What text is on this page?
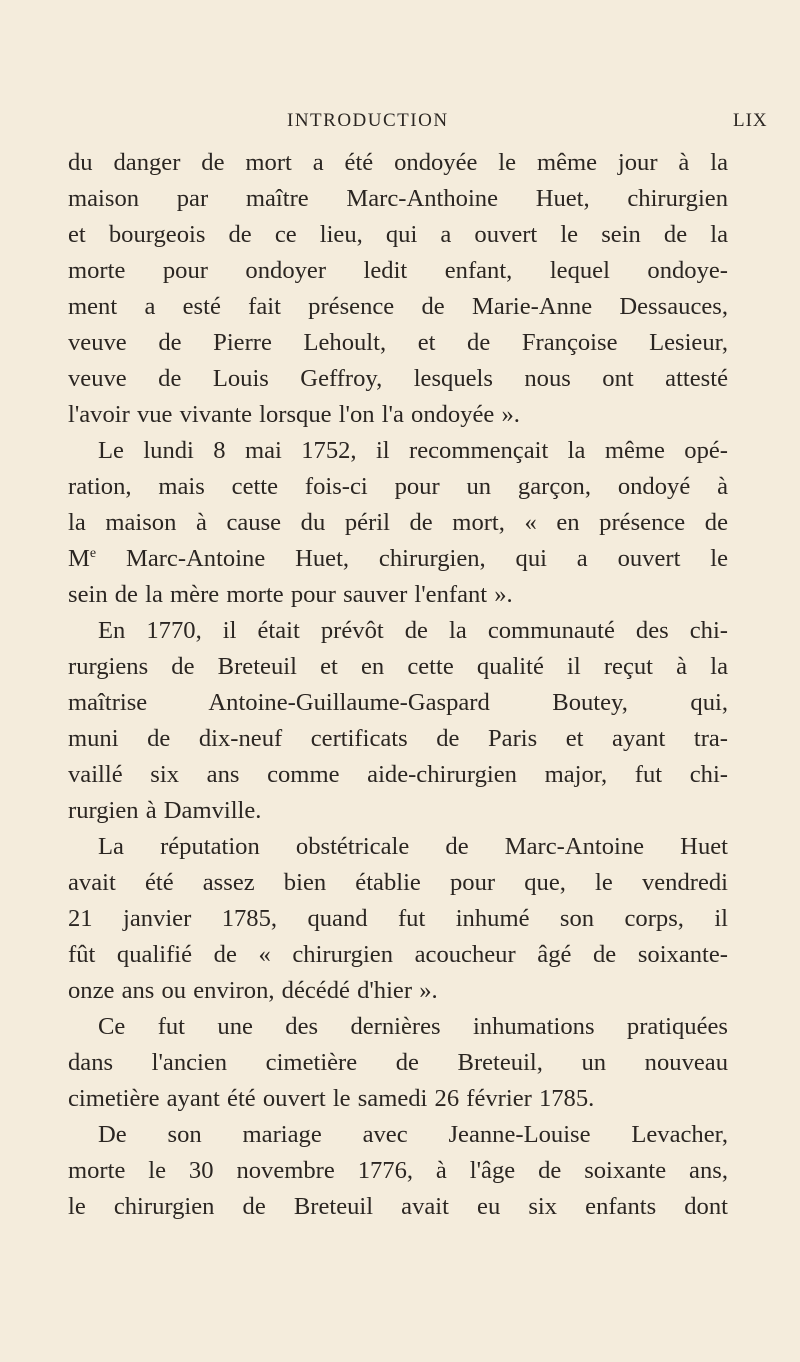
INTRODUCTION	LIX
du danger de mort a été ondoyée le même jour à la
maison par maître Marc-Anthoine Huet, chirurgien
et bourgeois de ce lieu, qui a ouvert le sein de la
morte pour ondoyer ledit enfant, lequel ondoye-
ment a esté fait présence de Marie-Anne Dessauces,
veuve de Pierre Lehoult, et de Françoise Lesieur,
veuve de Louis Geffroy, lesquels nous ont attesté
l'avoir vue vivante lorsque l'on l'a ondoyée ».
Le lundi 8 mai 1752, il recommençait la même opé-
ration, mais cette fois-ci pour un garçon, ondoyé à
la maison à cause du péril de mort, « en présence de
Me Marc-Antoine Huet, chirurgien, qui a ouvert le
sein de la mère morte pour sauver l'enfant ».
En 1770, il était prévôt de la communauté des chi-
rurgiens de Breteuil et en cette qualité il reçut à la
maîtrise Antoine-Guillaume-Gaspard Boutey, qui,
muni de dix-neuf certificats de Paris et ayant tra-
vaillé six ans comme aide-chirurgien major, fut chi-
rurgien à Damville.
La réputation obstétricale de Marc-Antoine Huet
avait été assez bien établie pour que, le vendredi
21 janvier 1785, quand fut inhumé son corps, il
fût qualifié de « chirurgien acoucheur âgé de soixante-
onze ans ou environ, décédé d'hier ».
Ce fut une des dernières inhumations pratiquées
dans l'ancien cimetière de Breteuil, un nouveau
cimetière ayant été ouvert le samedi 26 février 1785.
De son mariage avec Jeanne-Louise Levacher,
morte le 30 novembre 1776, à l'âge de soixante ans,
le chirurgien de Breteuil avait eu six enfants dont
